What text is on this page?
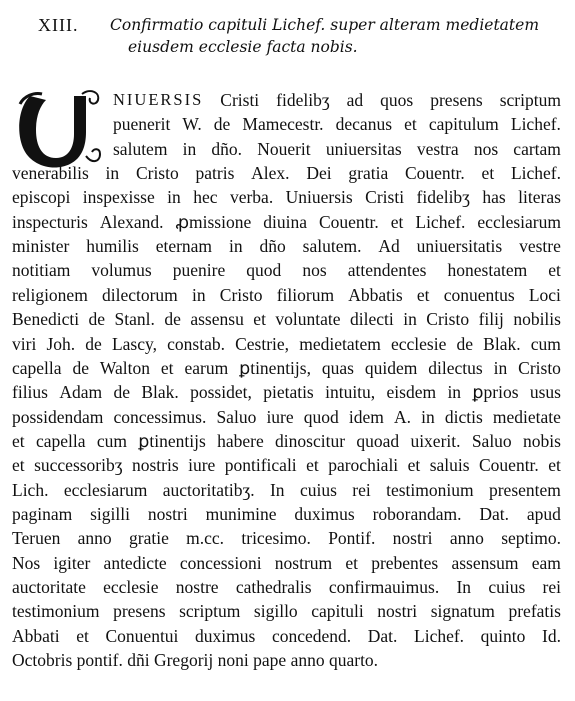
XIII. Confirmatio capituli Lichef. super alteram medietatem
eiusdem ecclesie facta nobis.
NIUERSIS Cristi fidelibʒ ad quos presens scriptum
puenerit W. de Mamecestr. decanus et capitulum Lichef.
salutem in dño. Nouerit uniuersitas vestra nos cartam
venerabilis in Cristo patris Alex. Dei gratia Couentr. et Lichef.
episcopi inspexisse in hec verba. Uniuersis Cristi fidelibʒ has literas
inspecturis Alexand. ꝓmissione diuina Couentr. et Lichef. ecclesiarum
minister humilis eternam in dño salutem. Ad uniuersitatis vestre
notitiam volumus puenire quod nos attendentes honestatem et
religionem dilectorum in Cristo filiorum Abbatis et conuentus Loci
Benedicti de Stanl. de assensu et voluntate dilecti in Cristo filij nobilis
viri Joh. de Lascy, constab. Cestrie, medietatem ecclesie de Blak. cum
capella de Walton et earum ꝑtinentijs, quas quidem dilectus in Cristo
filius Adam de Blak. possidet, pietatis intuitu, eisdem in ꝑprios usus
possidendam concessimus. Saluo iure quod idem A. in dictis medietate
et capella cum ꝑtinentijs habere dinoscitur quoad uixerit. Saluo nobis
et successoribʒ nostris iure pontificali et parochiali et saluis Couentr. et
Lich. ecclesiarum auctoritatibʒ. In cuius rei testimonium presentem
paginam sigilli nostri munimine duximus roborandam. Dat. apud
Teruen anno gratie m.cc. tricesimo. Pontif. nostri anno septimo.
Nos igiter antedicte concessioni nostrum et prebentes assensum eam
auctoritate ecclesie nostre cathedralis confirmauimus. In cuius rei
testimonium presens scriptum sigillo capituli nostri signatum prefatis
Abbati et Conuentui duximus concedend. Dat. Lichef. quinto Id.
Octobris
pontif.
dñi
Gregorij
noni
pape
anno
quarto.
